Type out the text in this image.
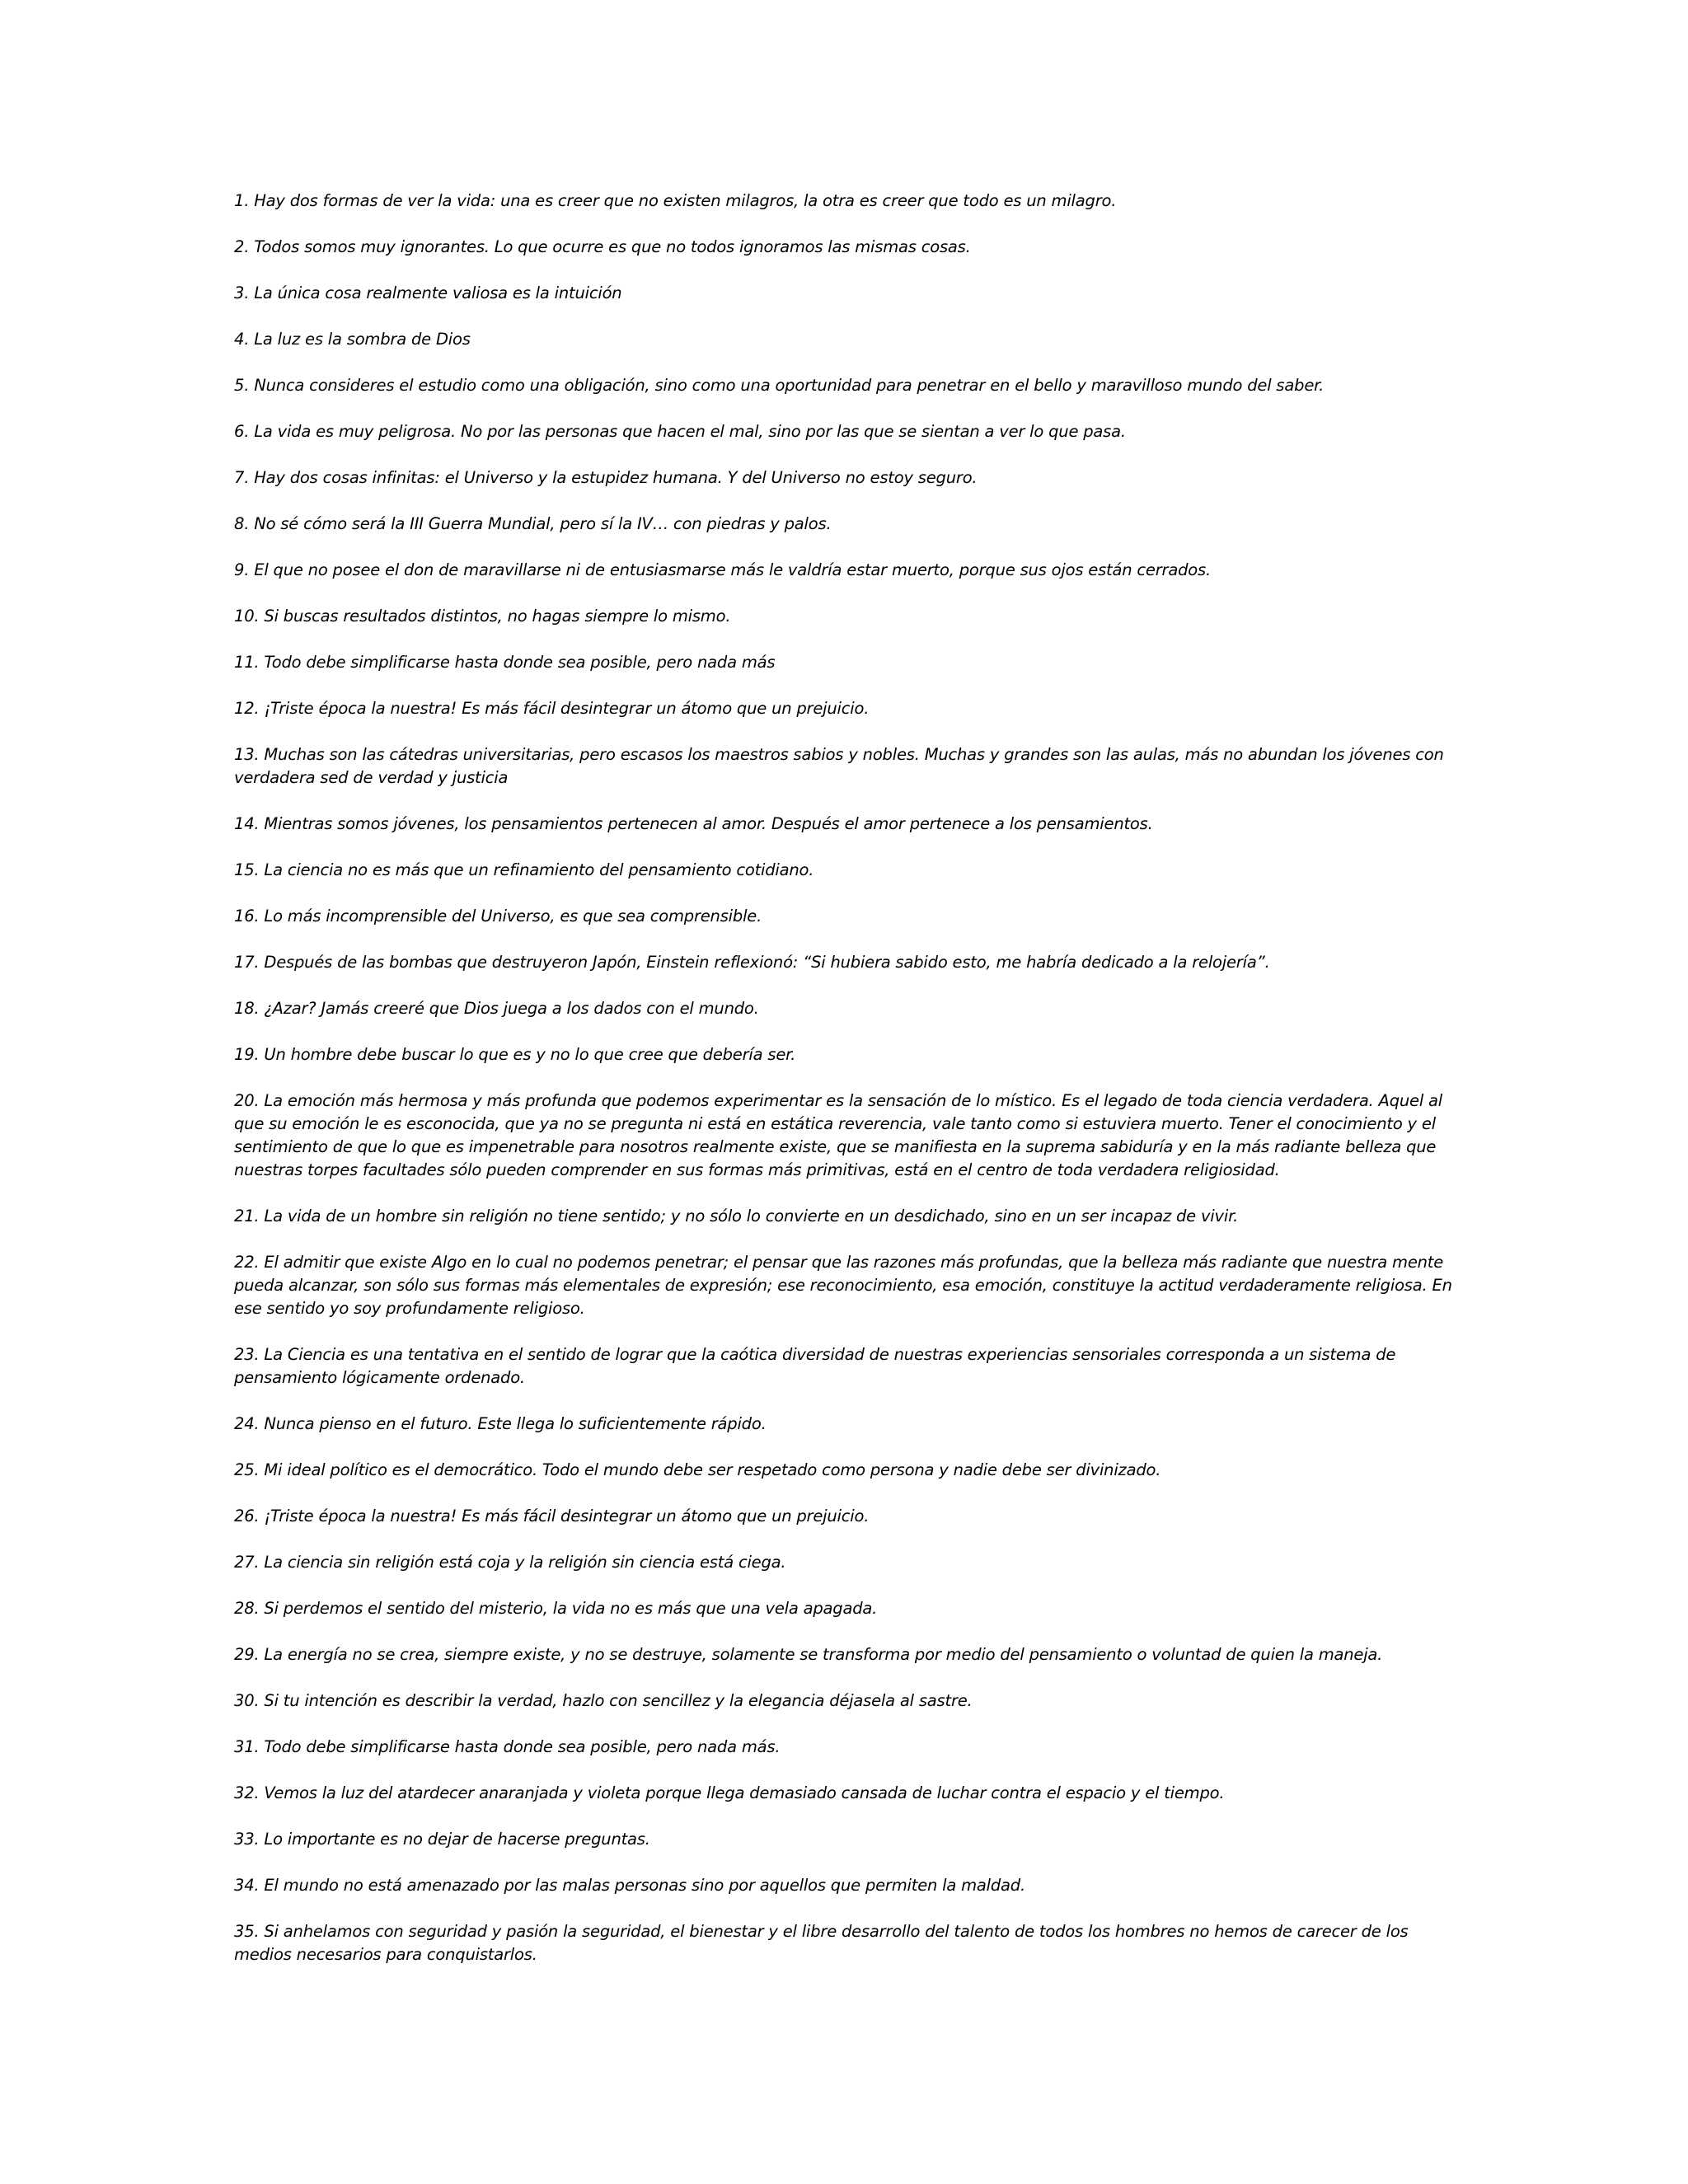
1. Hay dos formas de ver la vida: una es creer que no existen milagros, la otra es creer que todo es un milagro.

2. Todos somos muy ignorantes. Lo que ocurre es que no todos ignoramos las mismas cosas.

3. La única cosa realmente valiosa es la intuición

4. La luz es la sombra de Dios

5. Nunca consideres el estudio como una obligación, sino como una oportunidad para penetrar en el bello y maravilloso mundo del saber.

6. La vida es muy peligrosa. No por las personas que hacen el mal, sino por las que se sientan a ver lo que pasa.

7. Hay dos cosas infinitas: el Universo y la estupidez humana. Y del Universo no estoy seguro.

8. No sé cómo será la III Guerra Mundial, pero sí la IV… con piedras y palos.

9. El que no posee el don de maravillarse ni de entusiasmarse más le valdría estar muerto, porque sus ojos están cerrados.

10. Si buscas resultados distintos, no hagas siempre lo mismo.

11. Todo debe simplificarse hasta donde sea posible, pero nada más

12. ¡Triste época la nuestra! Es más fácil desintegrar un átomo que un prejuicio.

13. Muchas son las cátedras universitarias, pero escasos los maestros sabios y nobles. Muchas y grandes son las aulas, más no abundan los jóvenes con verdadera sed de verdad y justicia

14. Mientras somos jóvenes, los pensamientos pertenecen al amor. Después el amor pertenece a los pensamientos.

15. La ciencia no es más que un refinamiento del pensamiento cotidiano.

16. Lo más incomprensible del Universo, es que sea comprensible.

17. Después de las bombas que destruyeron Japón, Einstein reflexionó: “Si hubiera sabido esto, me habría dedicado a la relojería”.

18. ¿Azar? Jamás creeré que Dios juega a los dados con el mundo.

19. Un hombre debe buscar lo que es y no lo que cree que debería ser.

20. La emoción más hermosa y más profunda que podemos experimentar es la sensación de lo místico. Es el legado de toda ciencia verdadera. Aquel al que su emoción le es esconocida, que ya no se pregunta ni está en estática reverencia, vale tanto como si estuviera muerto. Tener el conocimiento y el sentimiento de que lo que es impenetrable para nosotros realmente existe, que se manifiesta en la suprema sabiduría y en la más radiante belleza que nuestras torpes facultades sólo pueden comprender en sus formas más primitivas, está en el centro de toda verdadera religiosidad.

21. La vida de un hombre sin religión no tiene sentido; y no sólo lo convierte en un desdichado, sino en un ser incapaz de vivir.

22. El admitir que existe Algo en lo cual no podemos penetrar; el pensar que las razones más profundas, que la belleza más radiante que nuestra mente pueda alcanzar, son sólo sus formas más elementales de expresión; ese reconocimiento, esa emoción, constituye la actitud verdaderamente religiosa. En ese sentido yo soy profundamente religioso.

23. La Ciencia es una tentativa en el sentido de lograr que la caótica diversidad de nuestras experiencias sensoriales corresponda a un sistema de pensamiento lógicamente ordenado.

24. Nunca pienso en el futuro. Este llega lo suficientemente rápido.

25. Mi ideal político es el democrático. Todo el mundo debe ser respetado como persona y nadie debe ser divinizado.

26. ¡Triste época la nuestra! Es más fácil desintegrar un átomo que un prejuicio.

27. La ciencia sin religión está coja y la religión sin ciencia está ciega.

28. Si perdemos el sentido del misterio, la vida no es más que una vela apagada.

29. La energía no se crea, siempre existe, y no se destruye, solamente se transforma por medio del pensamiento o voluntad de quien la maneja.

30. Si tu intención es describir la verdad, hazlo con sencillez y la elegancia déjasela al sastre.

31. Todo debe simplificarse hasta donde sea posible, pero nada más.

32. Vemos la luz del atardecer anaranjada y violeta porque llega demasiado cansada de luchar contra el espacio y el tiempo.

33. Lo importante es no dejar de hacerse preguntas.

34. El mundo no está amenazado por las malas personas sino por aquellos que permiten la maldad.

35. Si anhelamos con seguridad y pasión la seguridad, el bienestar y el libre desarrollo del talento de todos los hombres no hemos de carecer de los medios necesarios para conquistarlos.
